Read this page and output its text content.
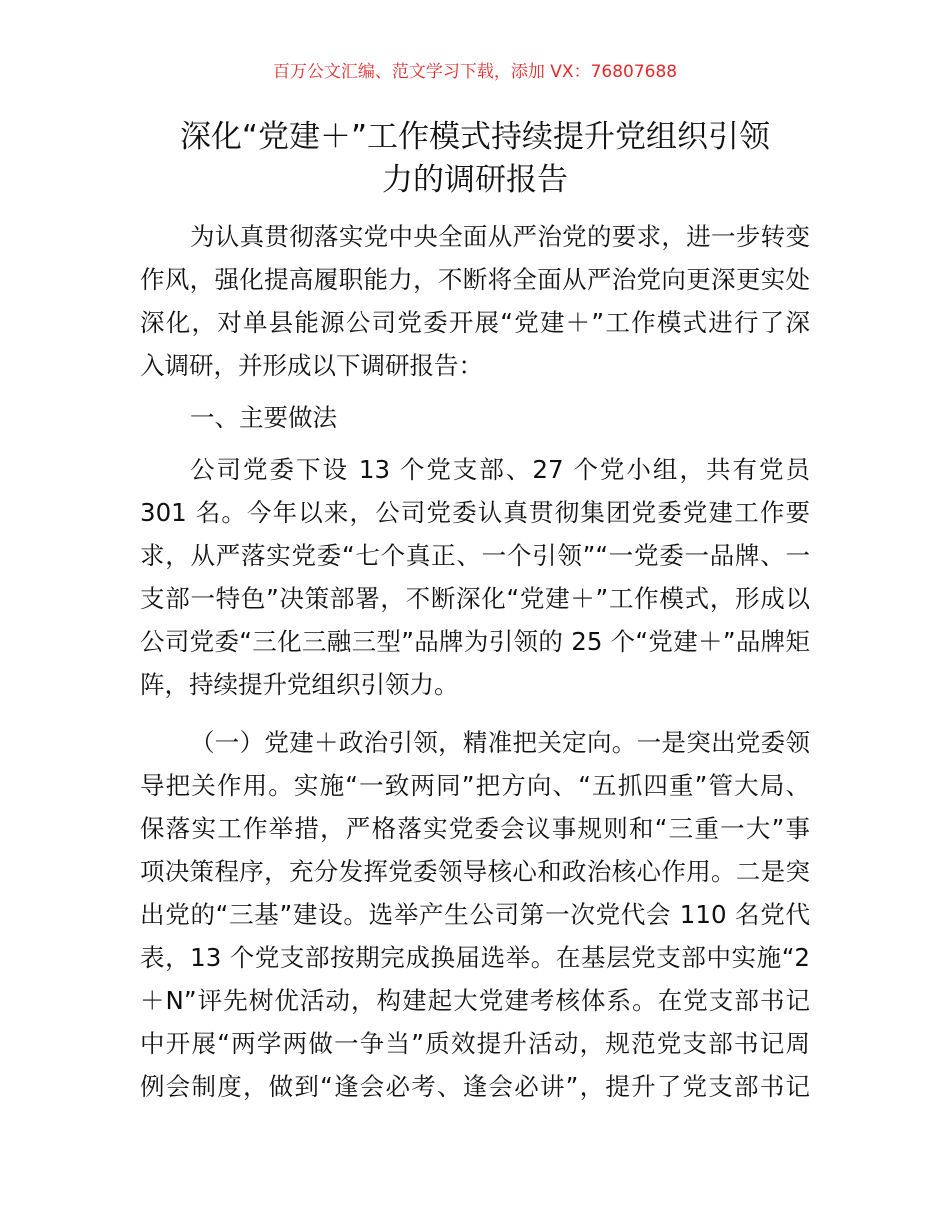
百万公文汇编、范文学习下载，添加 VX：76807688
深化“党建＋”工作模式持续提升党组织引领
力的调研报告
为认真贯彻落实党中央全面从严治党的要求，进一步转变
作风，强化提高履职能力，不断将全面从严治党向更深更实处
深化，对单县能源公司党委开展“党建＋”工作模式进行了深
入调研，并形成以下调研报告：
一、主要做法
公司党委下设 13 个党支部、27 个党小组，共有党员
301 名。今年以来，公司党委认真贯彻集团党委党建工作要
求，从严落实党委“七个真正、一个引领”“一党委一品牌、一
支部一特色”决策部署，不断深化“党建＋”工作模式，形成以
公司党委“三化三融三型”品牌为引领的 25 个“党建＋”品牌矩
阵，持续提升党组织引领力。
（一）党建＋政治引领，精准把关定向。一是突出党委领
导把关作用。实施“一致两同”把方向、“五抓四重”管大局、
保落实工作举措，严格落实党委会议事规则和“三重一大”事
项决策程序，充分发挥党委领导核心和政治核心作用。二是突
出党的“三基”建设。选举产生公司第一次党代会 110 名党代
表，13 个党支部按期完成换届选举。在基层党支部中实施“2
＋N”评先树优活动，构建起大党建考核体系。在党支部书记
中开展“两学两做一争当”质效提升活动，规范党支部书记周
例会制度，做到“逢会必考、逢会必讲”，提升了党支部书记
